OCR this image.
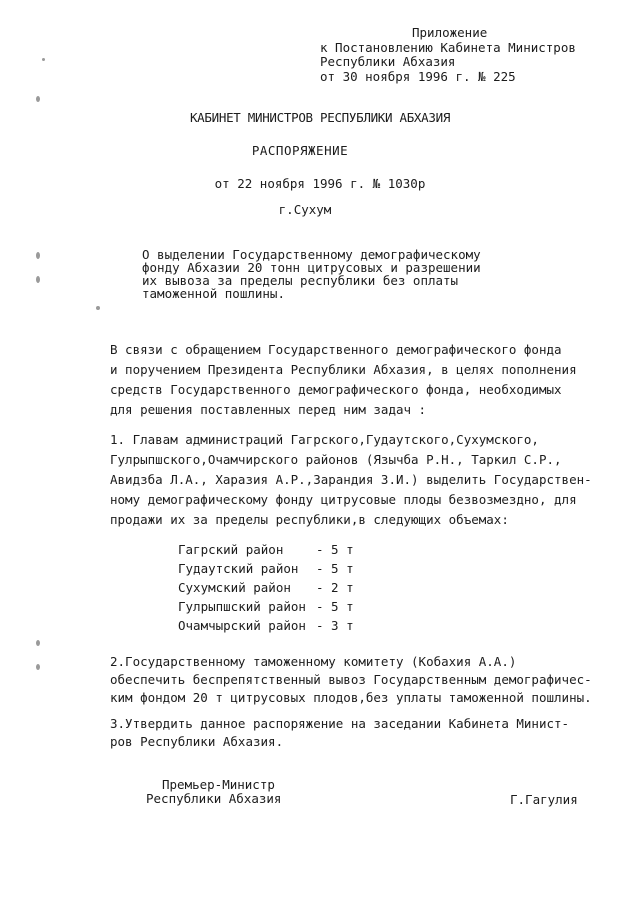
Приложение
к Постановлению Кабинета Министров
Республики Абхазия
от 30 ноября 1996 г. № 225
КАБИНЕТ МИНИСТРОВ РЕСПУБЛИКИ АБХАЗИЯ
РАСПОРЯЖЕНИЕ
от 22 ноября 1996 г. № 1030р
г.Сухум
О выделении Государственному демографическому
фонду Абхазии 20 тонн цитрусовых и разрешении
их вывоза за пределы республики без оплаты
таможенной пошлины.
В связи с обращением Государственного демографического фонда
и поручением Президента Республики Абхазия, в целях пополнения
средств Государственного демографического фонда, необходимых
для решения поставленных перед ним задач :
1. Главам администраций Гагрского,Гудаутского,Сухумского,
Гулрыпшского,Очамчирского районов (Язычба Р.Н., Таркил С.Р.,
Авидзба Л.А., Харазия А.Р.,Зарандия З.И.) выделить Государствен-
ному демографическому фонду цитрусовые плоды безвозмездно, для
продажи их за пределы республики,в следующих объемах:
Гагрский район	- 5 т
Гудаутский район	- 5 т
Сухумский район	- 2 т
Гулрыпшский район - 5 т
Очамчырский район - 3 т
2.Государственному таможенному комитету (Кобахия А.А.)
обеспечить беспрепятственный вывоз Государственным демографичес-
ким фондом 20 т цитрусовых плодов,без уплаты таможенной пошлины.
3.Утвердить данное распоряжение на заседании Кабинета Минист-
ров Республики Абхазия.
Премьер-Министр
Республики Абхазия	Г.Гагулия
